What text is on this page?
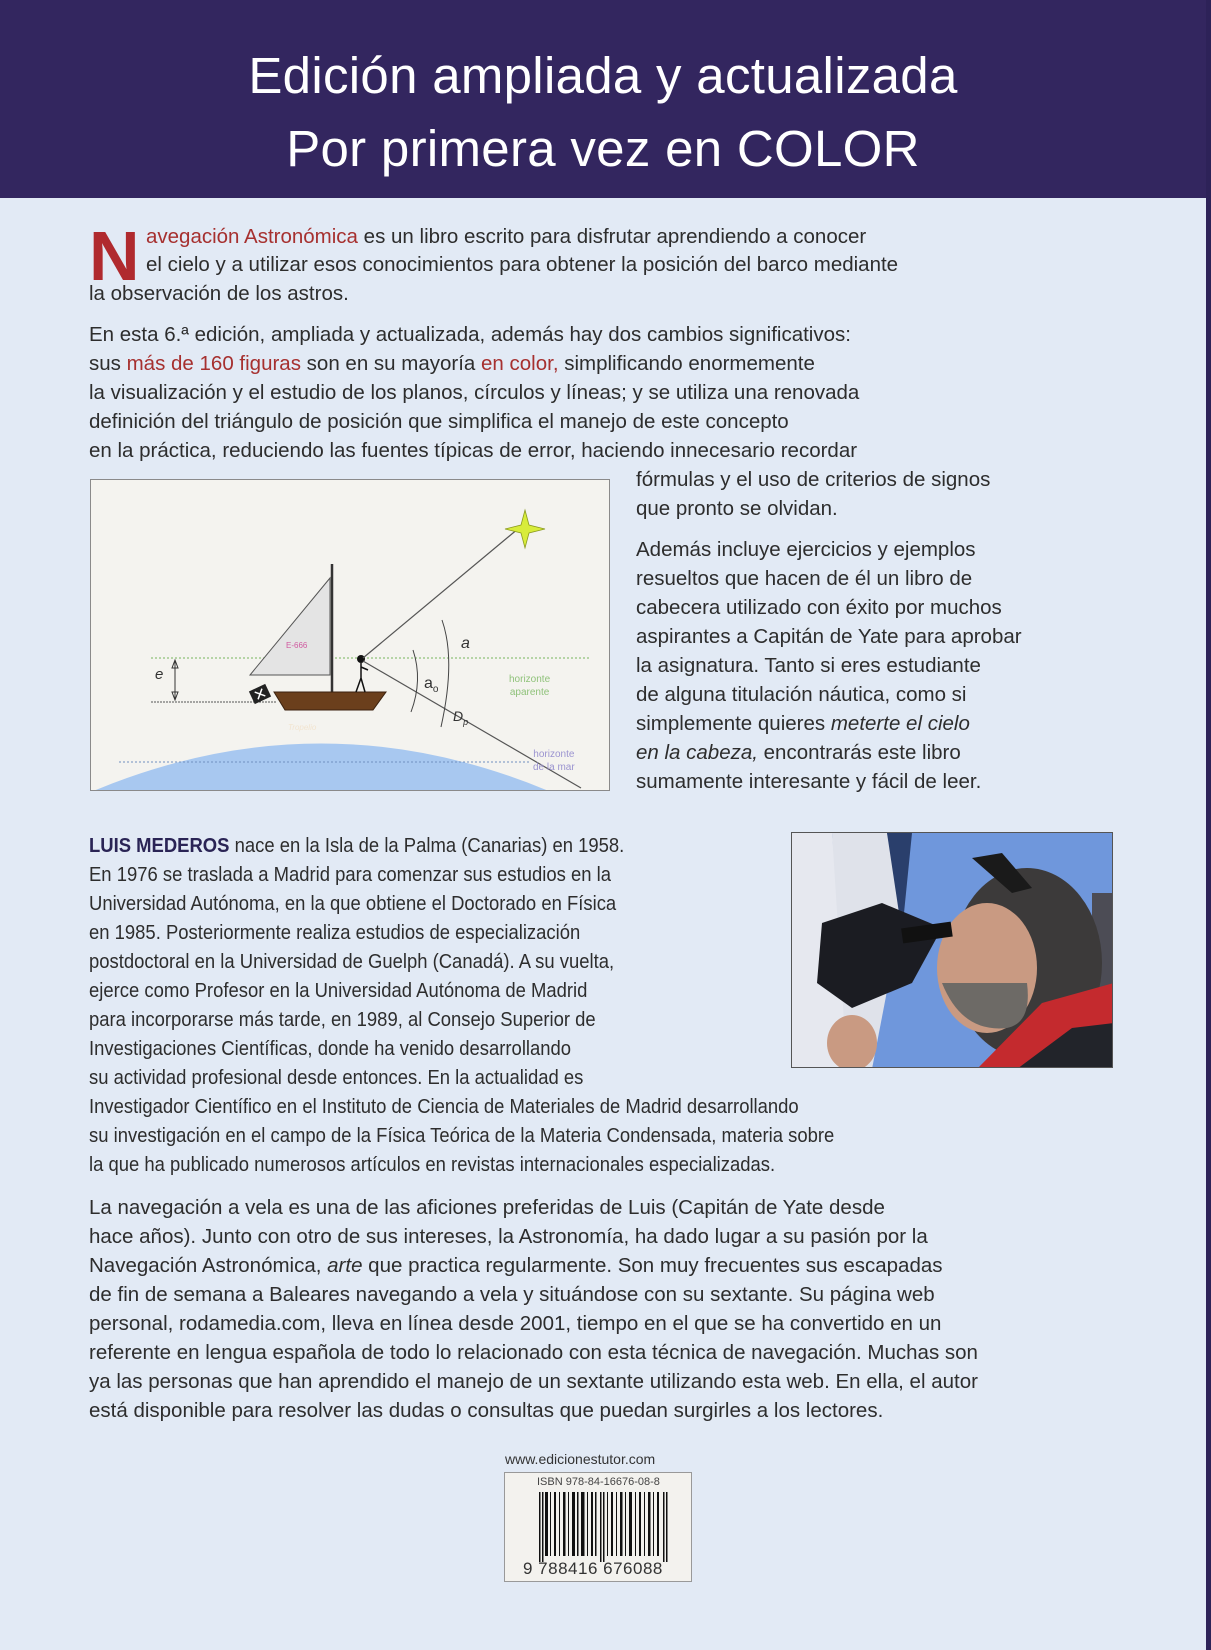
Edición ampliada y actualizada
Por primera vez en COLOR
N avegación Astronómica es un libro escrito para disfrutar aprendiendo a conocer
el cielo y a utilizar esos conocimientos para obtener la posición del barco mediante
la observación de los astros.
En esta 6.ª edición, ampliada y actualizada, además hay dos cambios significativos:
sus más de 160 figuras son en su mayoría en color, simplificando enormemente
la visualización y el estudio de los planos, círculos y líneas; y se utiliza una renovada
definición del triángulo de posición que simplifica el manejo de este concepto
en la práctica, reduciendo las fuentes típicas de error, haciendo innecesario recordar
fórmulas y el uso de criterios de signos
que pronto se olvidan.
Además incluye ejercicios y ejemplos
resueltos que hacen de él un libro de
cabecera utilizado con éxito por muchos
aspirantes a Capitán de Yate para aprobar
la asignatura. Tanto si eres estudiante
de alguna titulación náutica, como si
simplemente quieres meterte el cielo
en la cabeza, encontrarás este libro
sumamente interesante y fácil de leer.
E-666
Tropelio
e
a
$a_o$
$D_p$
horizonte
aparente
horizonte
de la mar
LUIS MEDEROS nace en la Isla de la Palma (Canarias) en 1958.
En 1976 se traslada a Madrid para comenzar sus estudios en la
Universidad Autónoma, en la que obtiene el Doctorado en Física
en 1985. Posteriormente realiza estudios de especialización
postdoctoral en la Universidad de Guelph (Canadá). A su vuelta,
ejerce como Profesor en la Universidad Autónoma de Madrid
para incorporarse más tarde, en 1989, al Consejo Superior de
Investigaciones Científicas, donde ha venido desarrollando
su actividad profesional desde entonces. En la actualidad es
Investigador Científico en el Instituto de Ciencia de Materiales de Madrid desarrollando
su investigación en el campo de la Física Teórica de la Materia Condensada, materia sobre
la que ha publicado numerosos artículos en revistas internacionales especializadas.
La navegación a vela es una de las aficiones preferidas de Luis (Capitán de Yate desde
hace años). Junto con otro de sus intereses, la Astronomía, ha dado lugar a su pasión por la
Navegación Astronómica, arte que practica regularmente. Son muy frecuentes sus escapadas
de fin de semana a Baleares navegando a vela y situándose con su sextante. Su página web
personal, rodamedia.com, lleva en línea desde 2001, tiempo en el que se ha convertido en un
referente en lengua española de todo lo relacionado con esta técnica de navegación. Muchas son
ya las personas que han aprendido el manejo de un sextante utilizando esta web. En ella, el autor
está disponible para resolver las dudas o consultas que puedan surgirles a los lectores.
www.edicionestutor.com
ISBN 978-84-16676-08-8
9 788416 676088
